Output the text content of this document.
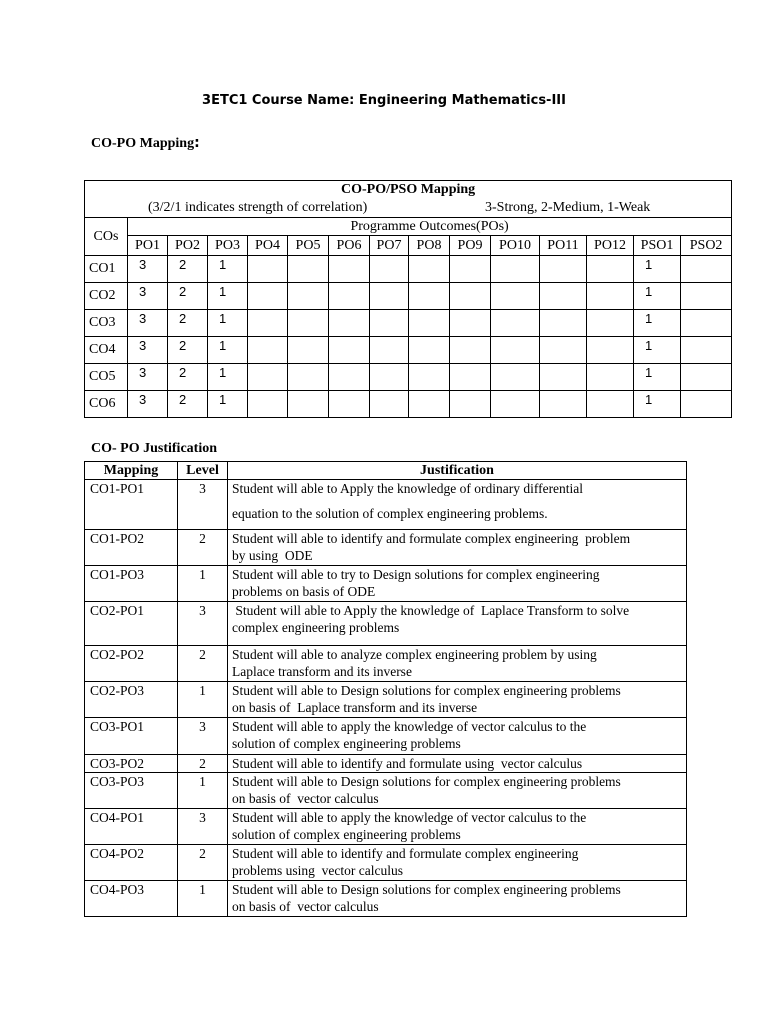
3ETC1 Course Name: Engineering Mathematics-III
CO-PO Mapping:
CO-PO/PSO Mapping														

(3/2/1 indicates strength of correlation) 3-Strong, 2-Medium, 1-Weak														

COs	Programme Outcomes(POs)													
	PO1	PO2	PO3	PO4	PO5	PO6	PO7	PO8	PO9	PO10	PO11	PO12	PSO1	PSO2
CO1	3	2	1										1	
CO2	3	2	1										1	
CO3	3	2	1										1	
CO4	3	2	1										1	
CO5	3	2	1										1	
CO6	3	2	1										1	
CO- PO Justification
Mapping	Level	Justification
CO1-PO1	3	Student will able to Apply the knowledge of ordinary differential
equation to the solution of complex engineering problems.

CO1-PO2	2	Student will able to identify and formulate complex engineering  problem
by using  ODE

CO1-PO3	1	Student will able to try to Design solutions for complex engineering
problems on basis of ODE

CO2-PO1	3	Student will able to Apply the knowledge of  Laplace Transform to solve
complex engineering problems

CO2-PO2	2	Student will able to analyze complex engineering problem by using
Laplace transform and its inverse

CO2-PO3	1	Student will able to Design solutions for complex engineering problems
on basis of  Laplace transform and its inverse

CO3-PO1	3	Student will able to apply the knowledge of vector calculus to the
solution of complex engineering problems

CO3-PO2	2	Student will able to identify and formulate using  vector calculus

CO3-PO3	1	Student will able to Design solutions for complex engineering problems
on basis of  vector calculus

CO4-PO1	3	Student will able to apply the knowledge of vector calculus to the
solution of complex engineering problems

CO4-PO2	2	Student will able to identify and formulate complex engineering
problems using  vector calculus

CO4-PO3	1	Student will able to Design solutions for complex engineering problems
on basis of  vector calculus
